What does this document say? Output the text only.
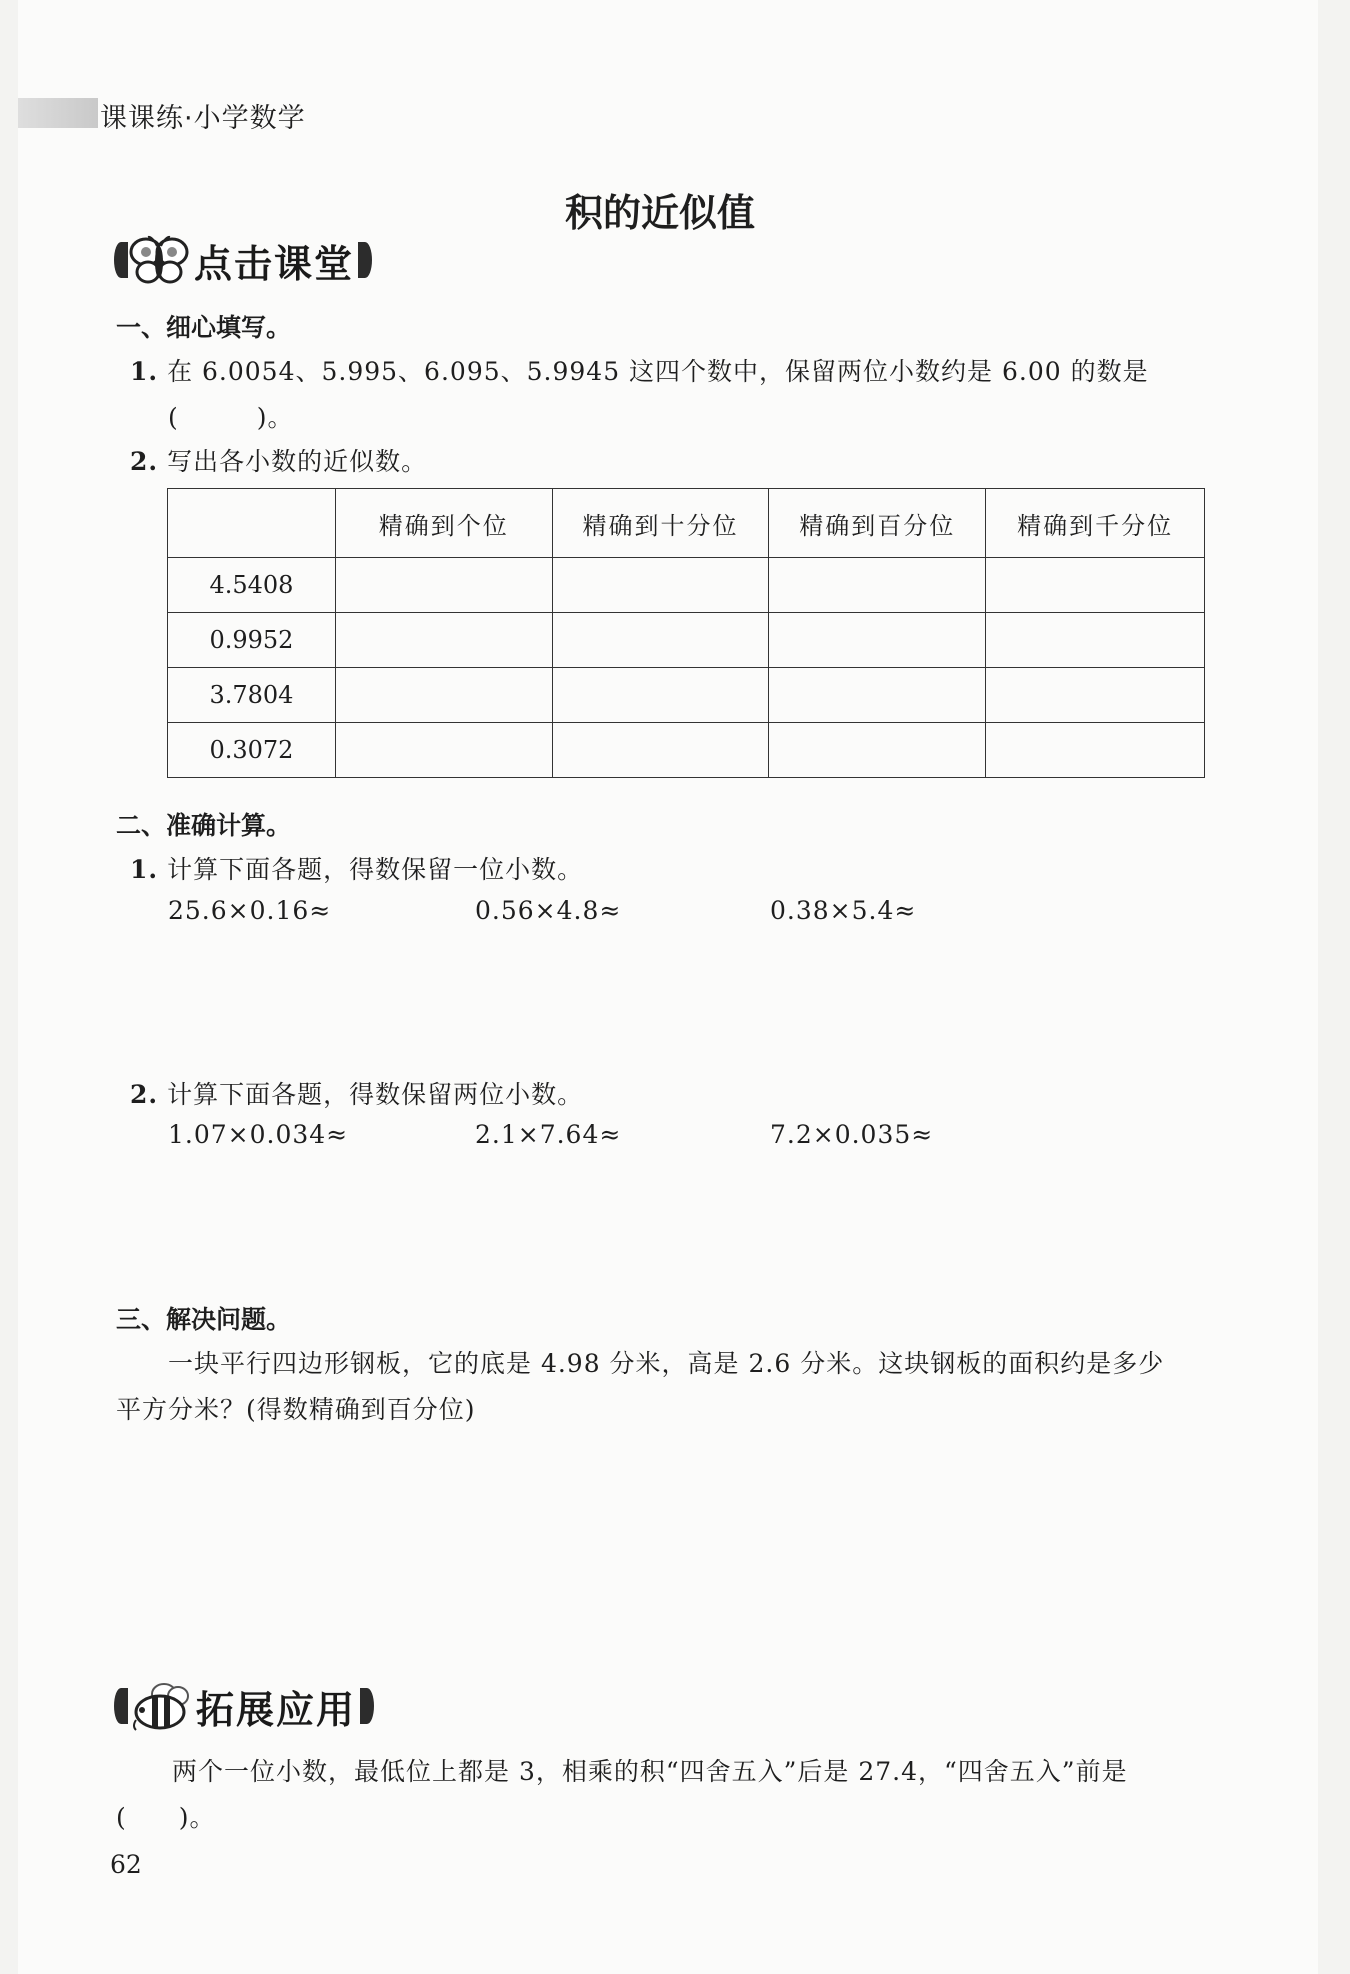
课课练·小学数学
积的近似值
点击课堂
一、细心填写。
1. 在 6.0054、5.995、6.095、5.9945 这四个数中，保留两位小数约是 6.00 的数是
(　　　)。
2. 写出各小数的近似数。
	精确到个位	精确到十分位	精确到百分位	精确到千分位
4.5408				
0.9952				
3.7804				
0.3072				
二、准确计算。
1. 计算下面各题，得数保留一位小数。
25.6×0.16≈	0.56×4.8≈	0.38×5.4≈
2. 计算下面各题，得数保留两位小数。
1.07×0.034≈	2.1×7.64≈	7.2×0.035≈
三、解决问题。
一块平行四边形钢板，它的底是 4.98 分米，高是 2.6 分米。这块钢板的面积约是多少
平方分米？(得数精确到百分位)
拓展应用
两个一位小数，最低位上都是 3，相乘的积“四舍五入”后是 27.4，“四舍五入”前是
(　　)。
62
